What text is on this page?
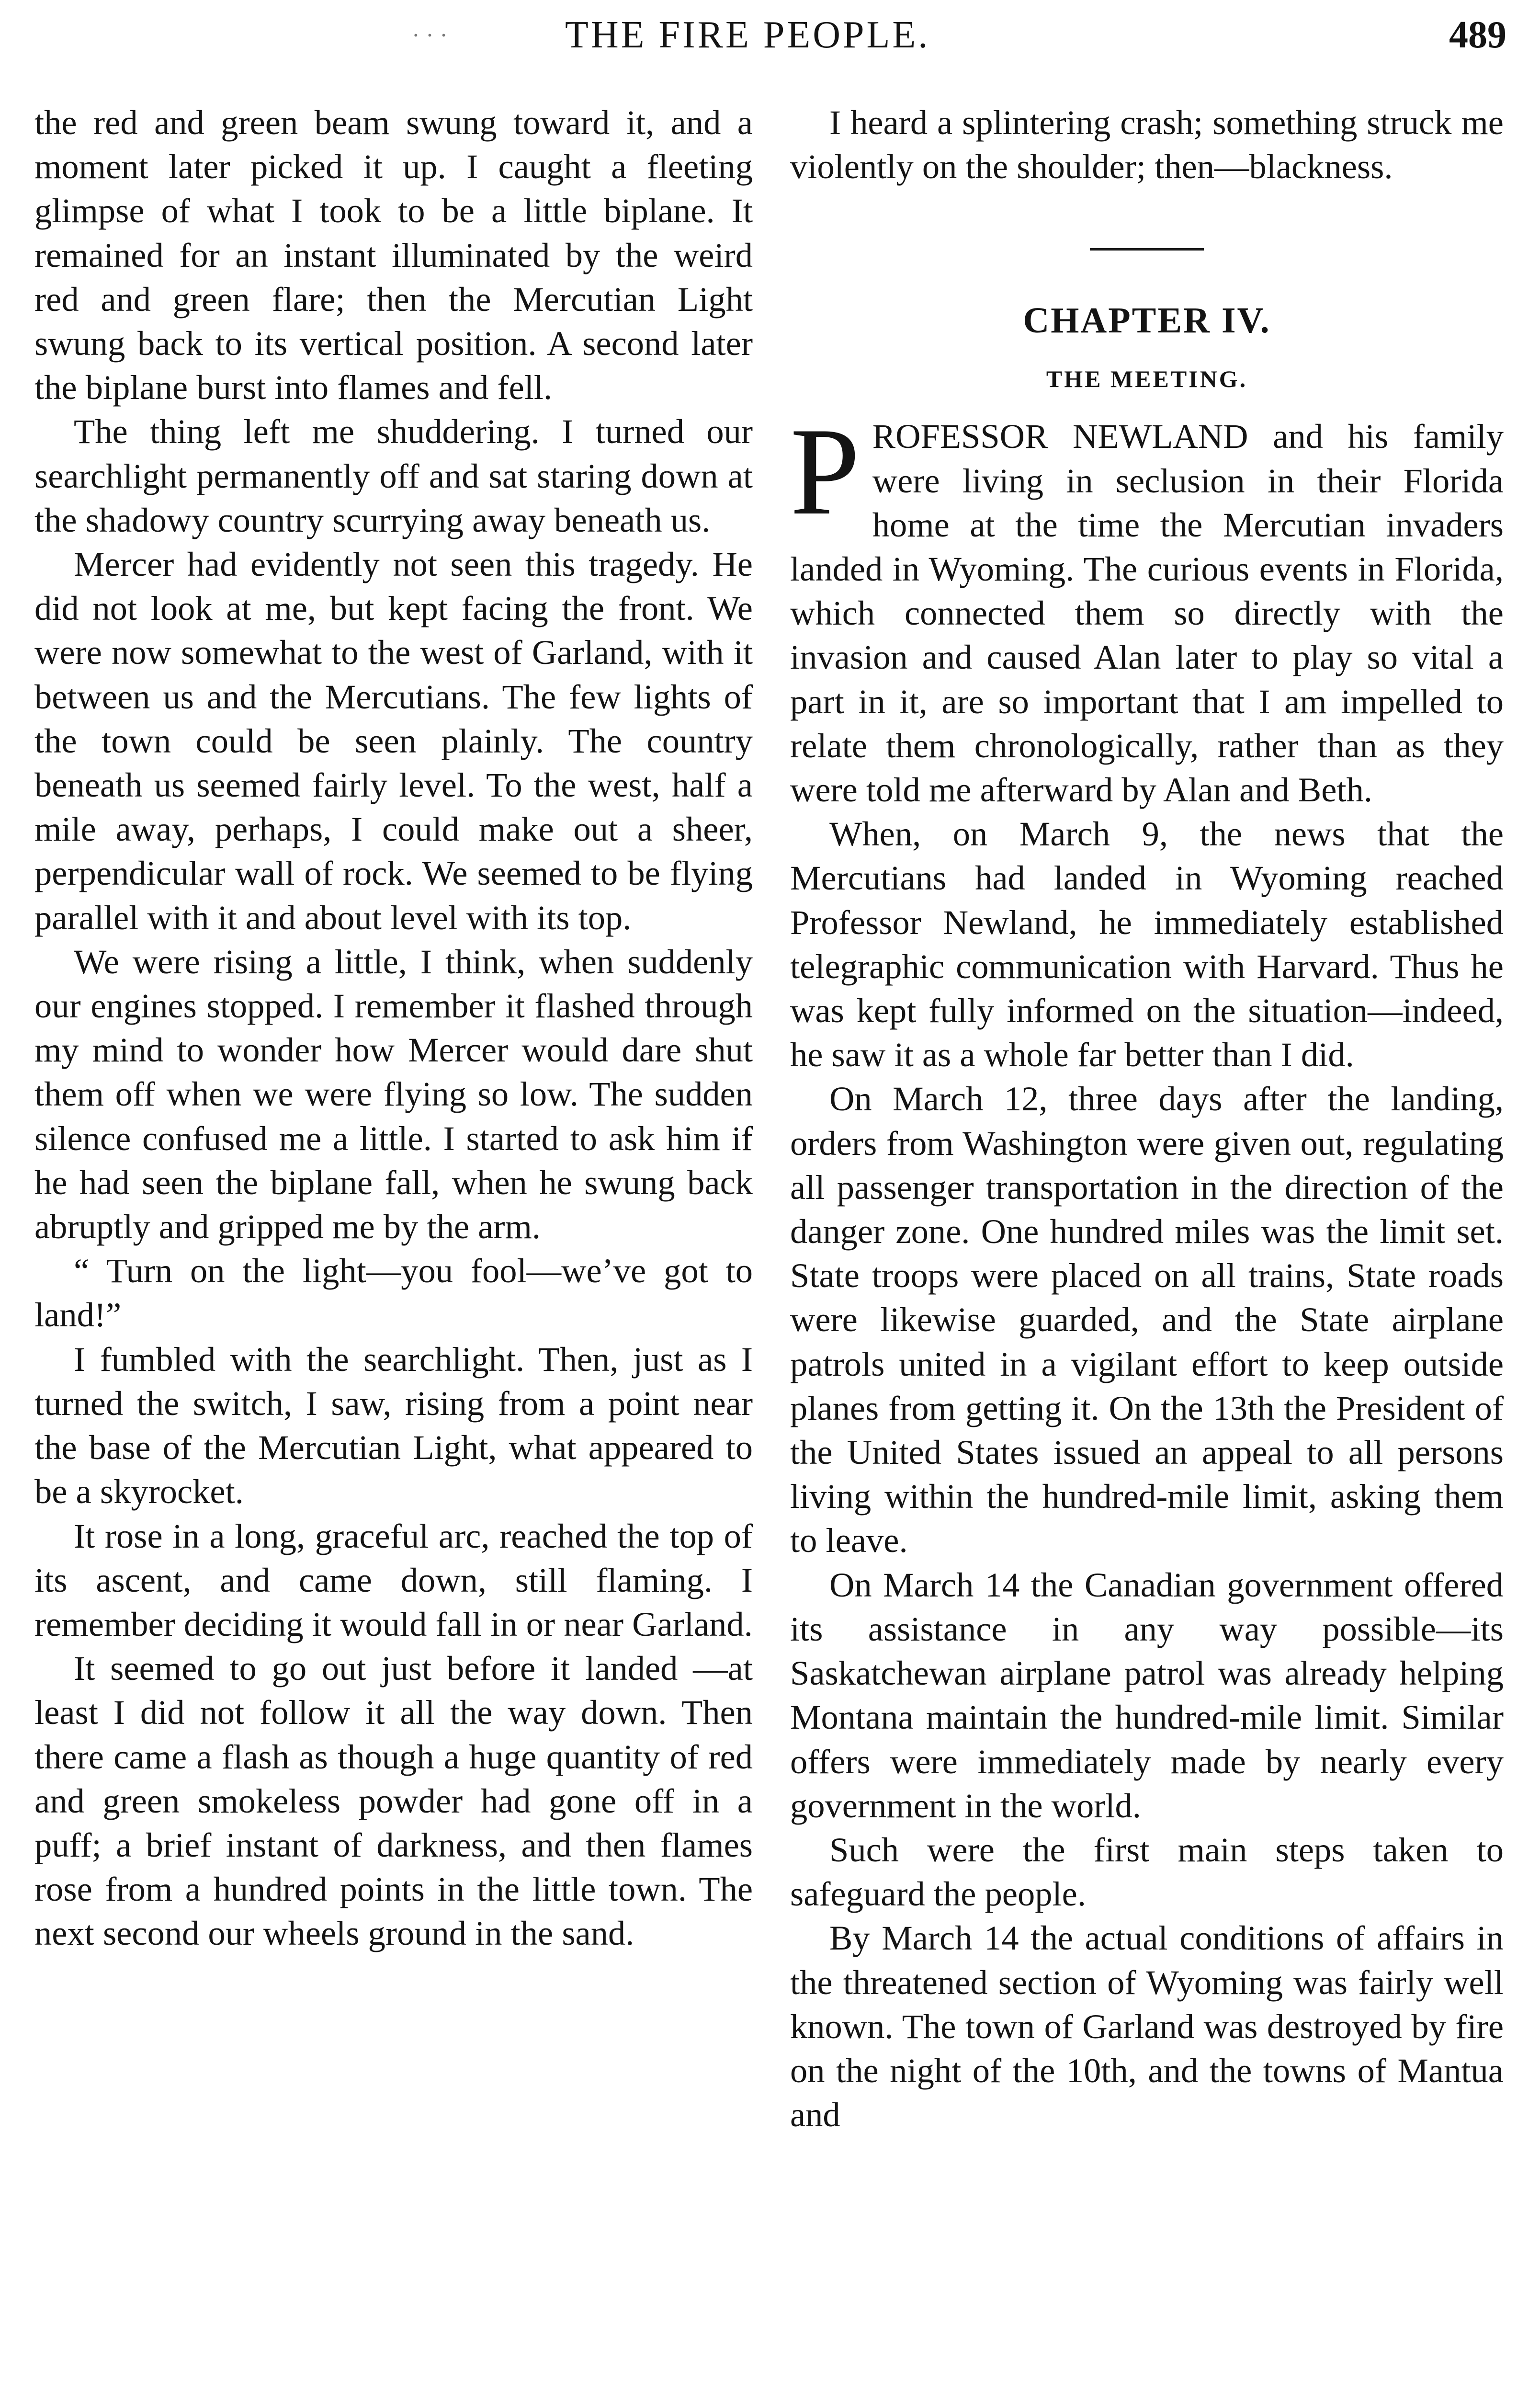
· · ·	THE FIRE PEOPLE.	489

the red and green beam swung toward it, and a moment later picked it up. I caught a fleeting glimpse of what I took to be a little biplane. It remained for an instant illuminated by the weird red and green flare; then the Mercutian Light swung back to its vertical position. A second later the biplane burst into flames and fell.

The thing left me shuddering. I turned our searchlight permanently off and sat staring down at the shadowy country scurrying away beneath us.

Mercer had evidently not seen this tragedy. He did not look at me, but kept facing the front. We were now somewhat to the west of Garland, with it between us and the Mercutians. The few lights of the town could be seen plainly. The country beneath us seemed fairly level. To the west, half a mile away, perhaps, I could make out a sheer, perpendicular wall of rock. We seemed to be flying parallel with it and about level with its top.

We were rising a little, I think, when suddenly our engines stopped. I remember it flashed through my mind to wonder how Mercer would dare shut them off when we were flying so low. The sudden silence confused me a little. I started to ask him if he had seen the biplane fall, when he swung back abruptly and gripped me by the arm.

“ Turn on the light—you fool—we’ve got to land!”

I fumbled with the searchlight. Then, just as I turned the switch, I saw, rising from a point near the base of the Mercutian Light, what appeared to be a skyrocket.

It rose in a long, graceful arc, reached the top of its ascent, and came down, still flaming. I remember deciding it would fall in or near Garland.

It seemed to go out just before it landed —at least I did not follow it all the way down. Then there came a flash as though a huge quantity of red and green smokeless powder had gone off in a puff; a brief instant of darkness, and then flames rose from a hundred points in the little town. The next second our wheels ground in the sand.

I heard a splintering crash; something struck me violently on the shoulder; then—blackness.

CHAPTER IV.
THE MEETING.

PROFESSOR NEWLAND and his family were living in seclusion in their Florida home at the time the Mercutian invaders landed in Wyoming. The curious events in Florida, which connected them so directly with the invasion and caused Alan later to play so vital a part in it, are so important that I am impelled to relate them chronologically, rather than as they were told me afterward by Alan and Beth.

When, on March 9, the news that the Mercutians had landed in Wyoming reached Professor Newland, he immediately established telegraphic communication with Harvard. Thus he was kept fully informed on the situation—indeed, he saw it as a whole far better than I did.

On March 12, three days after the landing, orders from Washington were given out, regulating all passenger transportation in the direction of the danger zone. One hundred miles was the limit set. State troops were placed on all trains, State roads were likewise guarded, and the State airplane patrols united in a vigilant effort to keep outside planes from getting it. On the 13th the President of the United States issued an appeal to all persons living within the hundred-mile limit, asking them to leave.

On March 14 the Canadian government offered its assistance in any way possible—its Saskatchewan airplane patrol was already helping Montana maintain the hundred-mile limit. Similar offers were immediately made by nearly every government in the world.

Such were the first main steps taken to safeguard the people.

By March 14 the actual conditions of affairs in the threatened section of Wyoming was fairly well known. The town of Garland was destroyed by fire on the night of the 10th, and the towns of Mantua and
